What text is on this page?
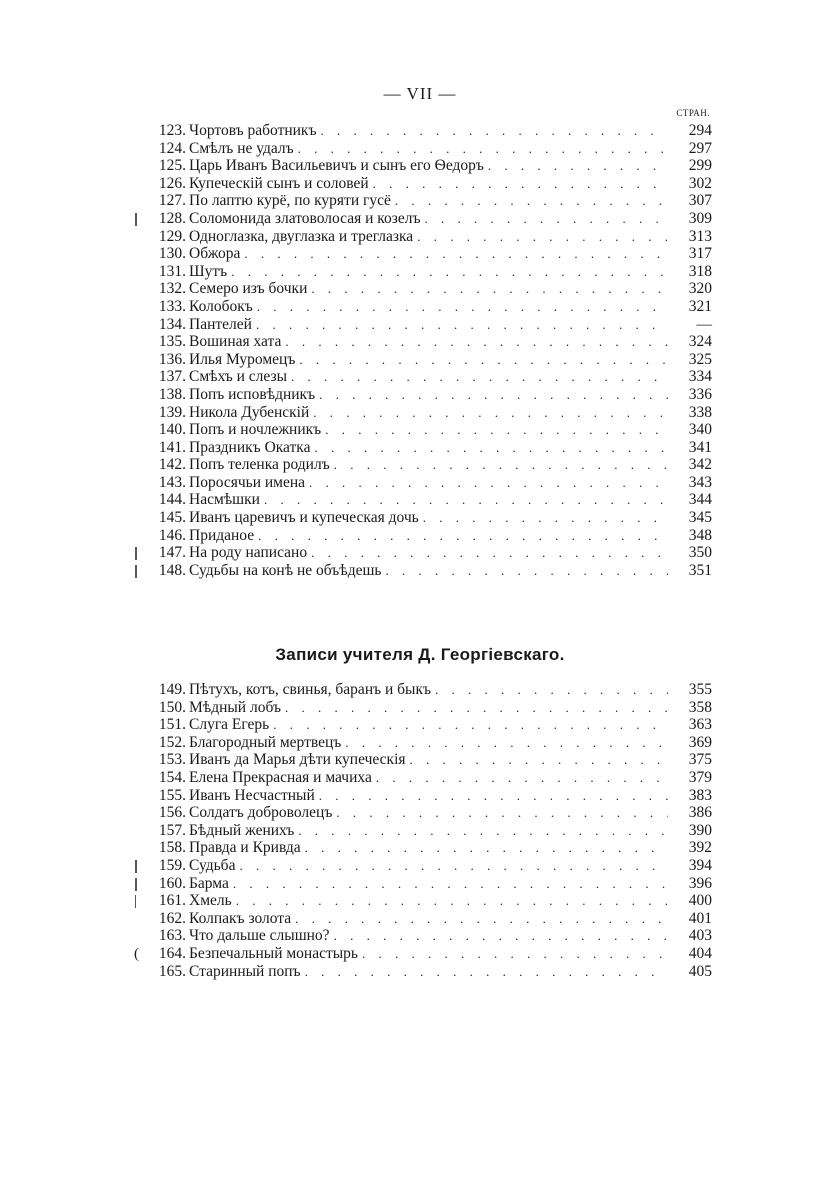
— VII —
СТРАН.
123. Чортовъ работникъ . . .	294
124. Смѣлъ не удалъ . . .	297
125. Царь Иванъ Васильевичъ и сынъ его Ѳедоръ . . .	299
126. Купеческій сынъ и соловей . . .	302
127. По лаптю курё, по куряти гусё . . .	307
||	128. Соломонида златоволосая и козелъ . . .	309
129. Одноглазка, двуглазка и треглазка . . .	313
130. Обжора . . .	317
131. Шутъ . . .	318
132. Семеро изъ бочки . . .	320
133. Колобокъ . . .	321
134. Пантелей . . .	—
135. Вошиная хата . . .	324
136. Илья Муромецъ . . .	325
137. Смѣхъ и слезы . . .	334
138. Попъ исповѣдникъ . . .	336
139. Никола Дубенскій . . .	338
140. Попъ и ночлежникъ . . .	340
141. Праздникъ Окатка . . .	341
142. Попъ теленка родилъ . . .	342
143. Поросячьи имена . . .	343
144. Насмѣшки . . .	344
145. Иванъ царевичъ и купеческая дочь . . .	345
146. Приданое . . .	348
||	147. На роду написано . . .	350
||	148. Судьбы на конѣ не объѣдешь . . .	351
Записи учителя Д. Георгіевскаго.
149. Пѣтухъ, котъ, свинья, баранъ и быкъ . . .	355
150. Мѣдный лобъ . . .	358
151. Слуга Егерь . . .	363
152. Благородный мертвецъ . . .	369
153. Иванъ да Марья дѣти купеческія . . .	375
154. Елена Прекрасная и мачиха . . .	379
155. Иванъ Несчастный . . .	383
156. Солдатъ доброволецъ . . .	386
157. Бѣдный женихъ . . .	390
158. Правда и Кривда . . .	392
||	159. Судьба . . .	394
||	160. Барма . . .	396
|	161. Хмель . . .	400
162. Колпакъ золота . . .	401
163. Что дальше слышно? . . .	403
(	164. Безпечальный монастырь . . .	404
165. Старинный попъ . . .	405
